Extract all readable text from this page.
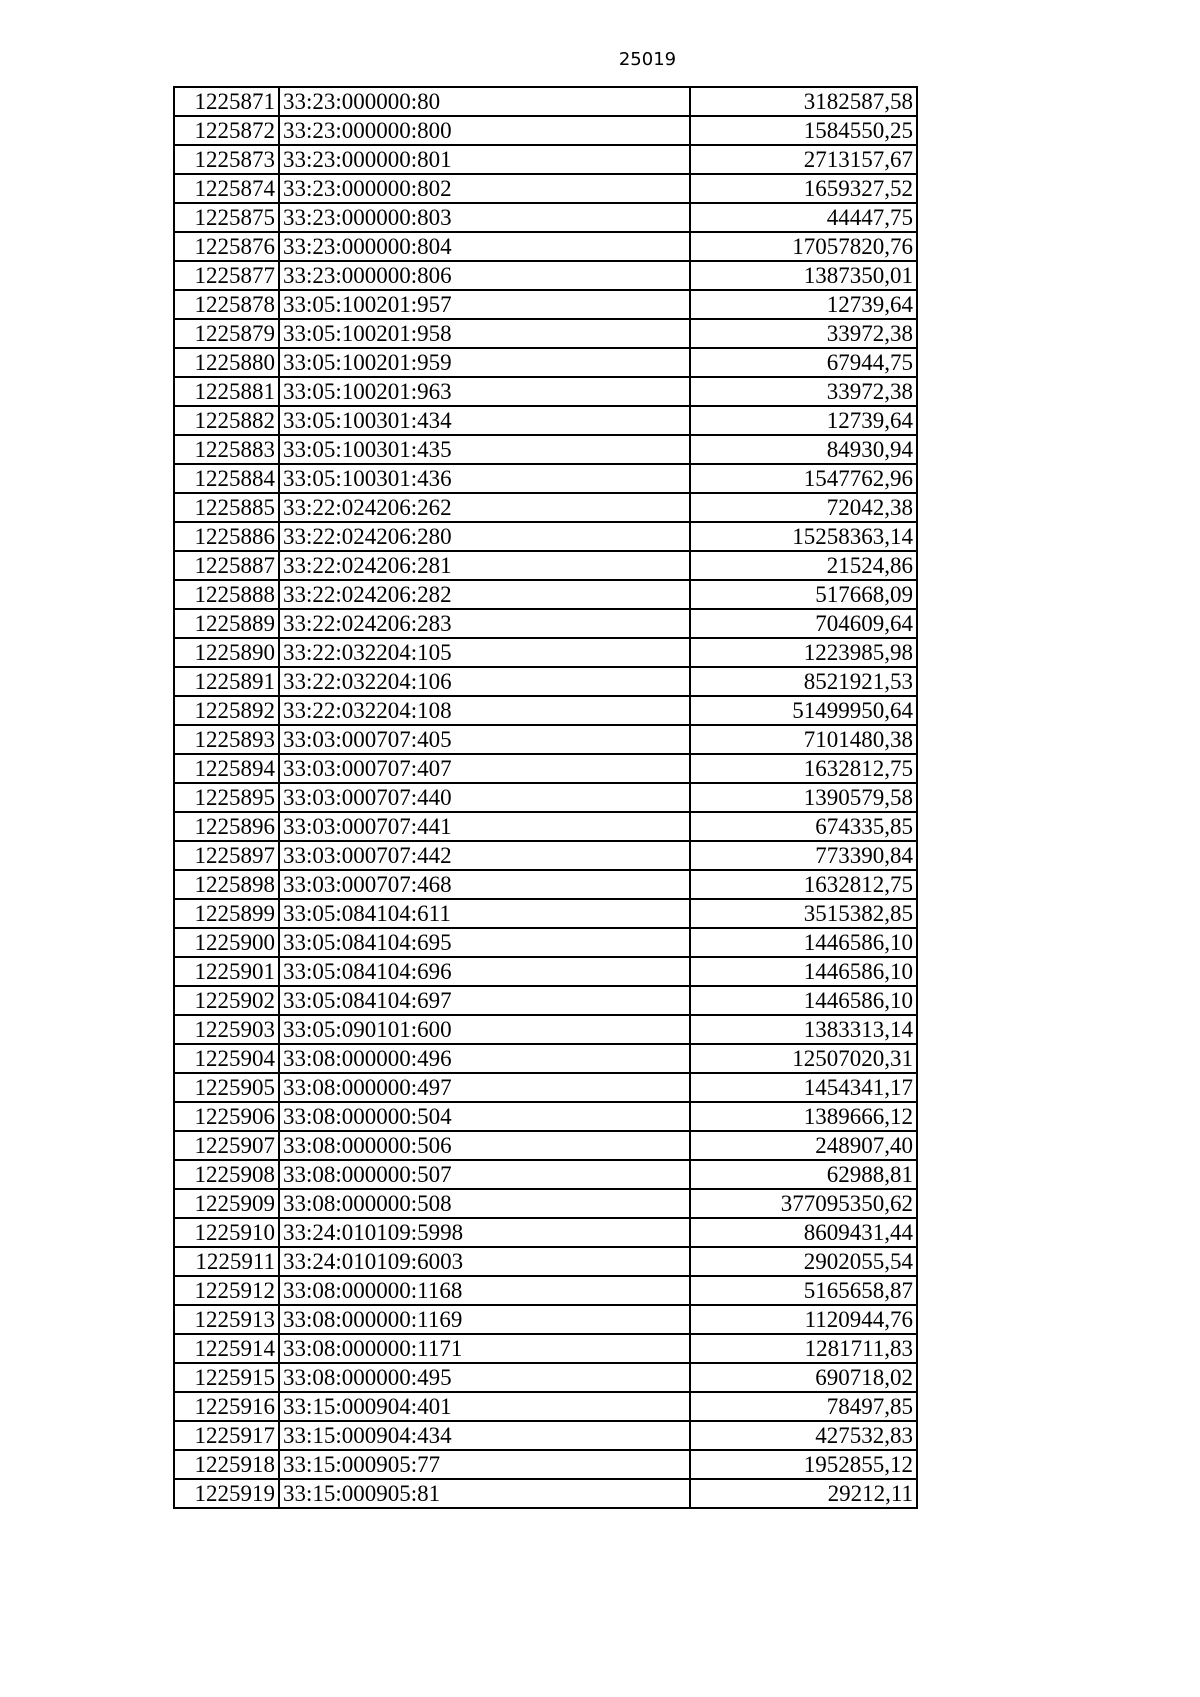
25019
1225871	33:23:000000:80	3182587,58
1225872	33:23:000000:800	1584550,25
1225873	33:23:000000:801	2713157,67
1225874	33:23:000000:802	1659327,52
1225875	33:23:000000:803	44447,75
1225876	33:23:000000:804	17057820,76
1225877	33:23:000000:806	1387350,01
1225878	33:05:100201:957	12739,64
1225879	33:05:100201:958	33972,38
1225880	33:05:100201:959	67944,75
1225881	33:05:100201:963	33972,38
1225882	33:05:100301:434	12739,64
1225883	33:05:100301:435	84930,94
1225884	33:05:100301:436	1547762,96
1225885	33:22:024206:262	72042,38
1225886	33:22:024206:280	15258363,14
1225887	33:22:024206:281	21524,86
1225888	33:22:024206:282	517668,09
1225889	33:22:024206:283	704609,64
1225890	33:22:032204:105	1223985,98
1225891	33:22:032204:106	8521921,53
1225892	33:22:032204:108	51499950,64
1225893	33:03:000707:405	7101480,38
1225894	33:03:000707:407	1632812,75
1225895	33:03:000707:440	1390579,58
1225896	33:03:000707:441	674335,85
1225897	33:03:000707:442	773390,84
1225898	33:03:000707:468	1632812,75
1225899	33:05:084104:611	3515382,85
1225900	33:05:084104:695	1446586,10
1225901	33:05:084104:696	1446586,10
1225902	33:05:084104:697	1446586,10
1225903	33:05:090101:600	1383313,14
1225904	33:08:000000:496	12507020,31
1225905	33:08:000000:497	1454341,17
1225906	33:08:000000:504	1389666,12
1225907	33:08:000000:506	248907,40
1225908	33:08:000000:507	62988,81
1225909	33:08:000000:508	377095350,62
1225910	33:24:010109:5998	8609431,44
1225911	33:24:010109:6003	2902055,54
1225912	33:08:000000:1168	5165658,87
1225913	33:08:000000:1169	1120944,76
1225914	33:08:000000:1171	1281711,83
1225915	33:08:000000:495	690718,02
1225916	33:15:000904:401	78497,85
1225917	33:15:000904:434	427532,83
1225918	33:15:000905:77	1952855,12
1225919	33:15:000905:81	29212,11
